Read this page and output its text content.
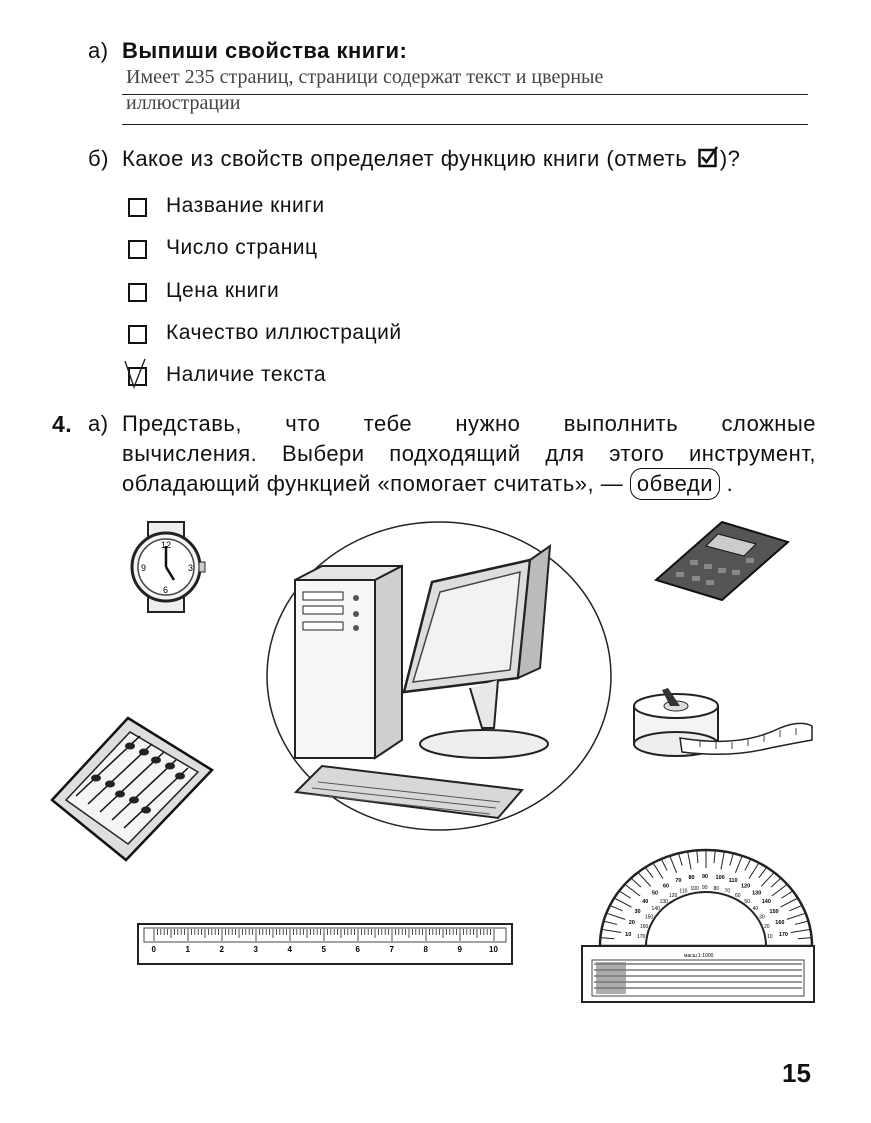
а) Выпиши свойства книги:
Имеет 235 страниц, страници содержат текст и цверные
иллюстрации
б) Какое из свойств определяет функцию книги (отметь )?
Название книги
Число страниц
Цена книги
Качество иллюстраций
Наличие текста
4. а) Представь, что тебе нужно выполнить сложные
вычисления. Выбери подходящий для этого инструмент,
обладающий функцией «помогает считать», — обведи .
12
3
6
9
0	1	2	3	4	5	6	7	8	9	10
10
20
30
40
50
60
70
80 90 100
110
120
130
140
150
160
170
170
160
150
140
130
120
110 100 90 80 70
60
50
40
30
20
10
масш 1:1000
15
